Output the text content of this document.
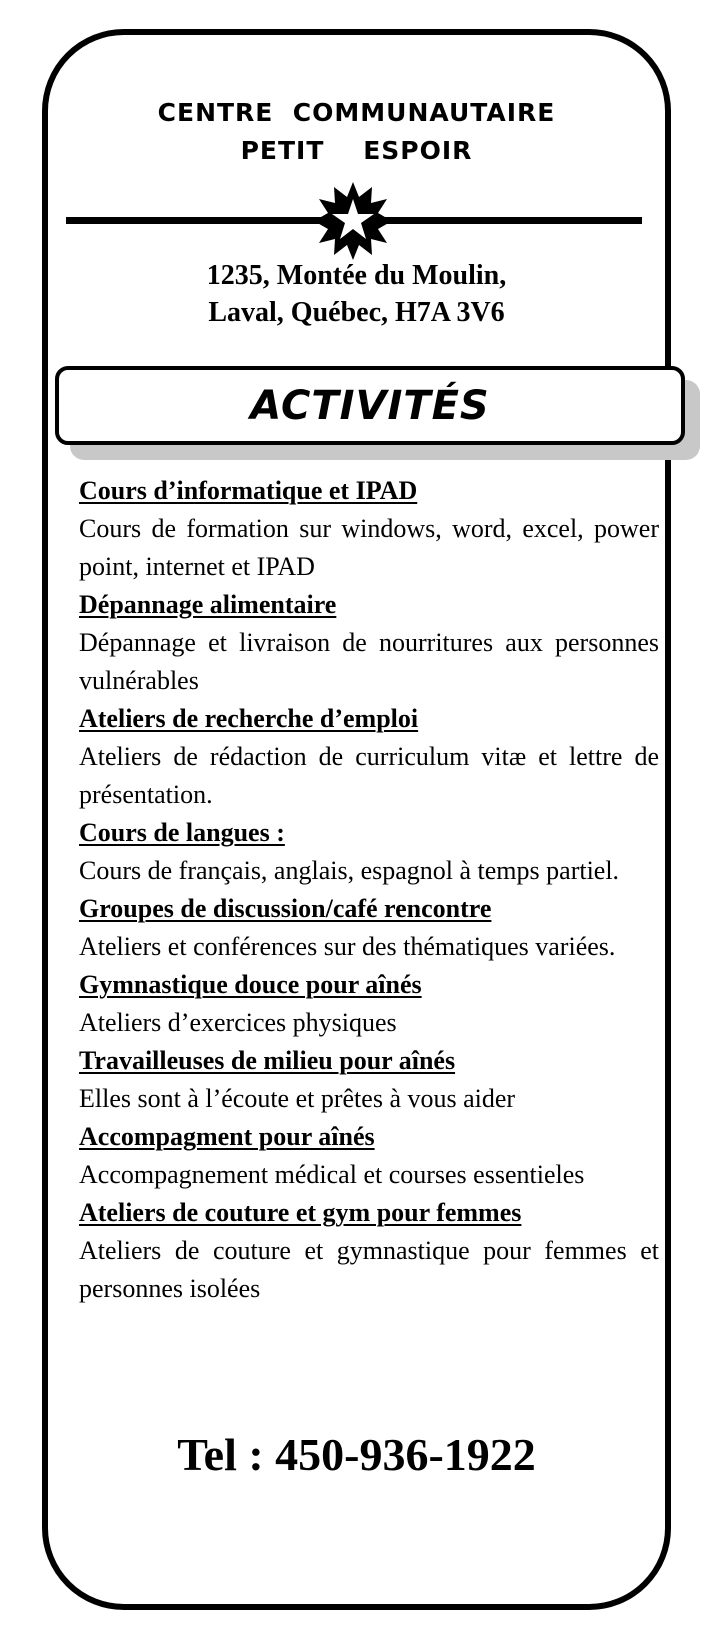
CENTRE  COMMUNAUTAIRE
PETIT    ESPOIR
1235, Montée du Moulin,
Laval, Québec, H7A 3V6
ACTIVITÉS
Cours d’informatique et IPAD
Cours de formation sur windows, word, excel, power point, internet et IPAD
Dépannage alimentaire
Dépannage et livraison de nourritures aux personnes vulnérables
Ateliers de recherche d’emploi
Ateliers de rédaction de curriculum vitæ et lettre de présentation.
Cours de langues :
Cours de français, anglais, espagnol à temps partiel.
Groupes de discussion/café rencontre
Ateliers et conférences sur des thématiques variées.
Gymnastique douce pour aînés
Ateliers d’exercices physiques
Travailleuses de milieu pour aînés
Elles sont à l’écoute et prêtes à vous aider
Accompagment pour aînés
Accompagnement médical et courses essentieles
Ateliers de couture et gym pour femmes
Ateliers de couture et gymnastique pour femmes et personnes isolées
Tel : 450-936-1922
